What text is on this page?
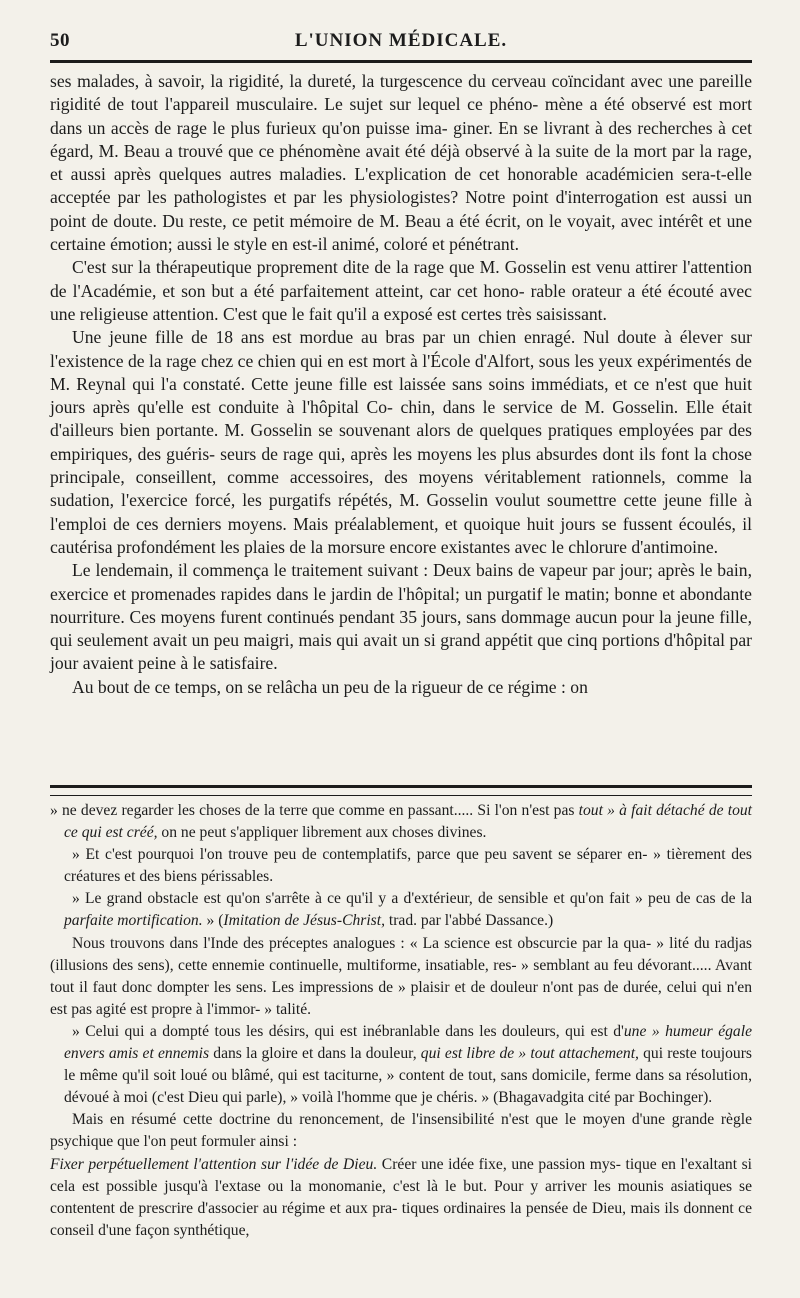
50	L'UNION MÉDICALE.

ses malades, à savoir, la rigidité, la dureté, la turgescence du cerveau coïncidant avec une pareille rigidité de tout l'appareil musculaire. Le sujet sur lequel ce phéno- mène a été observé est mort dans un accès de rage le plus furieux qu'on puisse ima- giner. En se livrant à des recherches à cet égard, M. Beau a trouvé que ce phénomène avait été déjà observé à la suite de la mort par la rage, et aussi après quelques autres maladies. L'explication de cet honorable académicien sera-t-elle acceptée par les pathologistes et par les physiologistes? Notre point d'interrogation est aussi un point de doute. Du reste, ce petit mémoire de M. Beau a été écrit, on le voyait, avec intérêt et une certaine émotion; aussi le style en est-il animé, coloré et pénétrant.

C'est sur la thérapeutique proprement dite de la rage que M. Gosselin est venu attirer l'attention de l'Académie, et son but a été parfaitement atteint, car cet hono- rable orateur a été écouté avec une religieuse attention. C'est que le fait qu'il a exposé est certes très saisissant.

Une jeune fille de 18 ans est mordue au bras par un chien enragé. Nul doute à élever sur l'existence de la rage chez ce chien qui en est mort à l'École d'Alfort, sous les yeux expérimentés de M. Reynal qui l'a constaté. Cette jeune fille est laissée sans soins immédiats, et ce n'est que huit jours après qu'elle est conduite à l'hôpital Co- chin, dans le service de M. Gosselin. Elle était d'ailleurs bien portante. M. Gosselin se souvenant alors de quelques pratiques employées par des empiriques, des guéris- seurs de rage qui, après les moyens les plus absurdes dont ils font la chose principale, conseillent, comme accessoires, des moyens véritablement rationnels, comme la sudation, l'exercice forcé, les purgatifs répétés, M. Gosselin voulut soumettre cette jeune fille à l'emploi de ces derniers moyens. Mais préalablement, et quoique huit jours se fussent écoulés, il cautérisa profondément les plaies de la morsure encore existantes avec le chlorure d'antimoine.

Le lendemain, il commença le traitement suivant : Deux bains de vapeur par jour; après le bain, exercice et promenades rapides dans le jardin de l'hôpital; un purgatif le matin; bonne et abondante nourriture. Ces moyens furent continués pendant 35 jours, sans dommage aucun pour la jeune fille, qui seulement avait un peu maigri, mais qui avait un si grand appétit que cinq portions d'hôpital par jour avaient peine à le satisfaire.

Au bout de ce temps, on se relâcha un peu de la rigueur de ce régime : on

» ne devez regarder les choses de la terre que comme en passant..... Si l'on n'est pas tout » à fait détaché de tout ce qui est créé, on ne peut s'appliquer librement aux choses divines.

» Et c'est pourquoi l'on trouve peu de contemplatifs, parce que peu savent se séparer en- » tièrement des créatures et des biens périssables.

» Le grand obstacle est qu'on s'arrête à ce qu'il y a d'extérieur, de sensible et qu'on fait » peu de cas de la parfaite mortification. » (Imitation de Jésus-Christ, trad. par l'abbé Dassance.)

Nous trouvons dans l'Inde des préceptes analogues : « La science est obscurcie par la qua- » lité du radjas (illusions des sens), cette ennemie continuelle, multiforme, insatiable, res- » semblant au feu dévorant..... Avant tout il faut donc dompter les sens. Les impressions de » plaisir et de douleur n'ont pas de durée, celui qui n'en est pas agité est propre à l'immor- » talité.

» Celui qui a dompté tous les désirs, qui est inébranlable dans les douleurs, qui est d'une » humeur égale envers amis et ennemis dans la gloire et dans la douleur, qui est libre de » tout attachement, qui reste toujours le même qu'il soit loué ou blâmé, qui est taciturne, » content de tout, sans domicile, ferme dans sa résolution, dévoué à moi (c'est Dieu qui parle), » voilà l'homme que je chéris. » (Bhagavadgita cité par Bochinger).

Mais en résumé cette doctrine du renoncement, de l'insensibilité n'est que le moyen d'une grande règle psychique que l'on peut formuler ainsi :

Fixer perpétuellement l'attention sur l'idée de Dieu. Créer une idée fixe, une passion mys- tique en l'exaltant si cela est possible jusqu'à l'extase ou la monomanie, c'est là le but. Pour y arriver les mounis asiatiques se contentent de prescrire d'associer au régime et aux pra- tiques ordinaires la pensée de Dieu, mais ils donnent ce conseil d'une façon synthétique,
